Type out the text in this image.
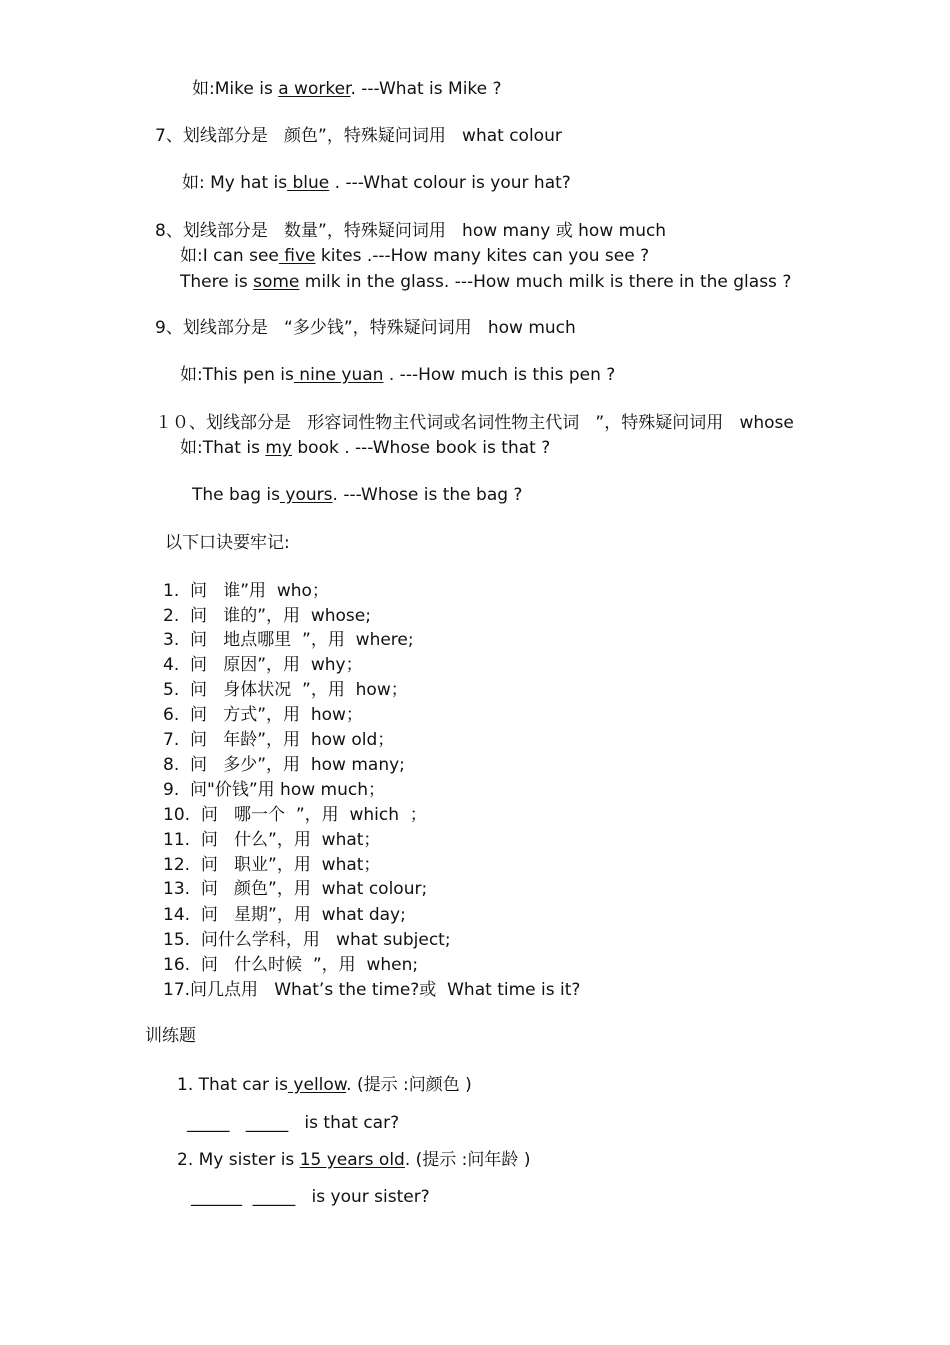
如:Mike is a worker. ---What is Mike ?
7、划线部分是   颜色”，特殊疑问词用   what colour
如: My hat is blue . ---What colour is your hat?
8、划线部分是   数量”，特殊疑问词用   how many 或 how much
如:I can see five kites .---How many kites can you see ?
There is some milk in the glass. ---How much milk is there in the glass ?
9、划线部分是   “多少钱”，特殊疑问词用   how much
如:This pen is nine yuan . ---How much is this pen ?
１０、划线部分是   形容词性物主代词或名词性物主代词   ”，特殊疑问词用   whose
如:That is my book . ---Whose book is that ?
The bag is yours. ---Whose is the bag ?
以下口诀要牢记:
1.  问   谁”用  who；
2.  问   谁的”，用  whose;
3.  问   地点哪里  ”，用  where;
4.  问   原因”，用  why；
5.  问   身体状况  ”，用  how；
6.  问   方式”，用  how；
7.  问   年龄”，用  how old；
8.  问   多少”，用  how many;
9.  问"价钱”用 how much；
10.  问   哪一个  ”，用  which  ；
11.  问   什么”，用  what；
12.  问   职业”，用  what；
13.  问   颜色”，用  what colour;
14.  问   星期”，用  what day;
15.  问什么学科，用   what subject;
16.  问   什么时候  ”，用  when;
17.问几点用   What’s the time?或  What time is it?
训练题
1. That car is yellow. (提示 :问颜色 )
_____   _____   is that car?
2. My sister is 15 years old. (提示 :问年龄 )
______  _____   is your sister?
